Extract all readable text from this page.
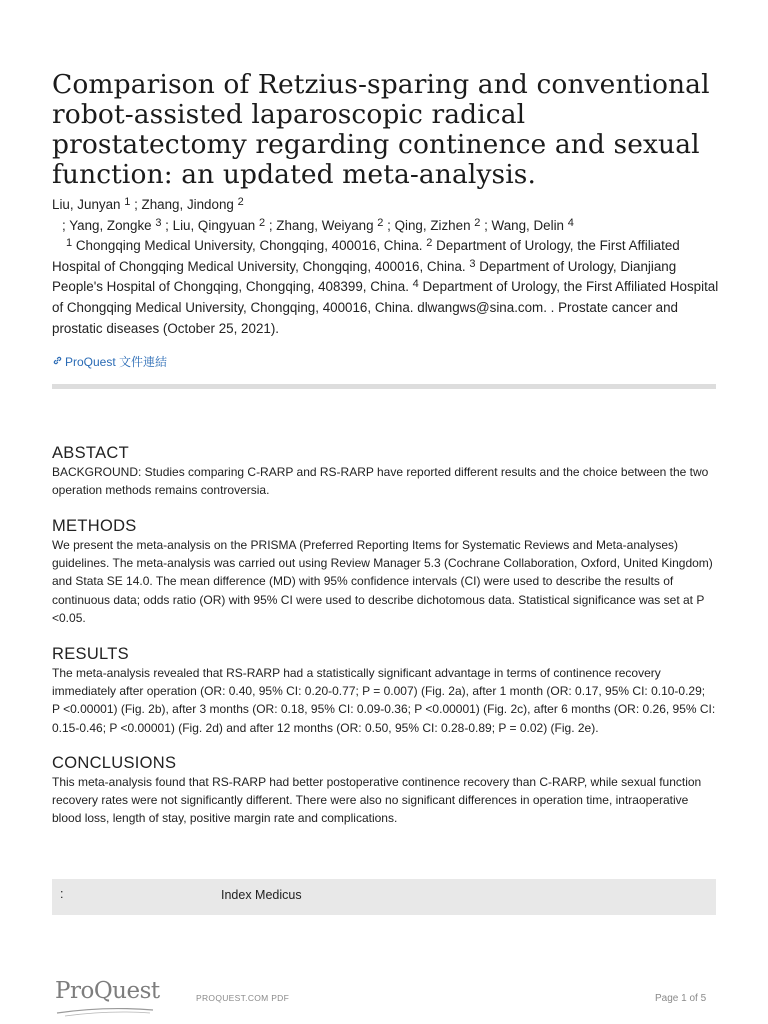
Comparison of Retzius-sparing and conventional robot-assisted laparoscopic radical prostatectomy regarding continence and sexual function: an updated meta-analysis.
Liu, Junyan $^1$ ; Zhang, Jindong $^2$
; Yang, Zongke $^3$ ; Liu, Qingyuan $^2$ ; Zhang, Weiyang $^2$ ; Qing, Zizhen $^2$ ; Wang, Delin $^4$
$^1$ Chongqing Medical University, Chongqing, 400016, China. $^2$ Department of Urology, the First Affiliated Hospital of Chongqing Medical University, Chongqing, 400016, China. $^3$ Department of Urology, Dianjiang People's Hospital of Chongqing, Chongqing, 408399, China. $^4$ Department of Urology, the First Affiliated Hospital of Chongqing Medical University, Chongqing, 400016, China. dlwangws@sina.com. . Prostate cancer and prostatic diseases (October 25, 2021).
ProQuest 文件連結
ABSTACT

BACKGROUND: Studies comparing C-RARP and RS-RARP have reported different results and the choice between the two operation methods remains controversia.

METHODS

We present the meta-analysis on the PRISMA (Preferred Reporting Items for Systematic Reviews and Meta-analyses) guidelines. The meta-analysis was carried out using Review Manager 5.3 (Cochrane Collaboration, Oxford, United Kingdom) and Stata SE 14.0. The mean difference (MD) with 95% confidence intervals (CI) were used to describe the results of continuous data; odds ratio (OR) with 95% CI were used to describe dichotomous data. Statistical significance was set at P <0.05.

RESULTS

The meta-analysis revealed that RS-RARP had a statistically significant advantage in terms of continence recovery immediately after operation (OR: 0.40, 95% CI: 0.20-0.77; P = 0.007) (Fig. 2a), after 1 month (OR: 0.17, 95% CI: 0.10-0.29; P <0.00001) (Fig. 2b), after 3 months (OR: 0.18, 95% CI: 0.09-0.36; P <0.00001) (Fig. 2c), after 6 months (OR: 0.26, 95% CI: 0.15-0.46; P <0.00001) (Fig. 2d) and after 12 months (OR: 0.50, 95% CI: 0.28-0.89; P = 0.02) (Fig. 2e).

CONCLUSIONS

This meta-analysis found that RS-RARP had better postoperative continence recovery than C-RARP, while sexual function recovery rates were not significantly different. There were also no significant differences in operation time, intraoperative blood loss, length of stay, positive margin rate and complications.

:	Index Medicus
ProQuest	PROQUEST.COM PDF	Page 1 of 5
